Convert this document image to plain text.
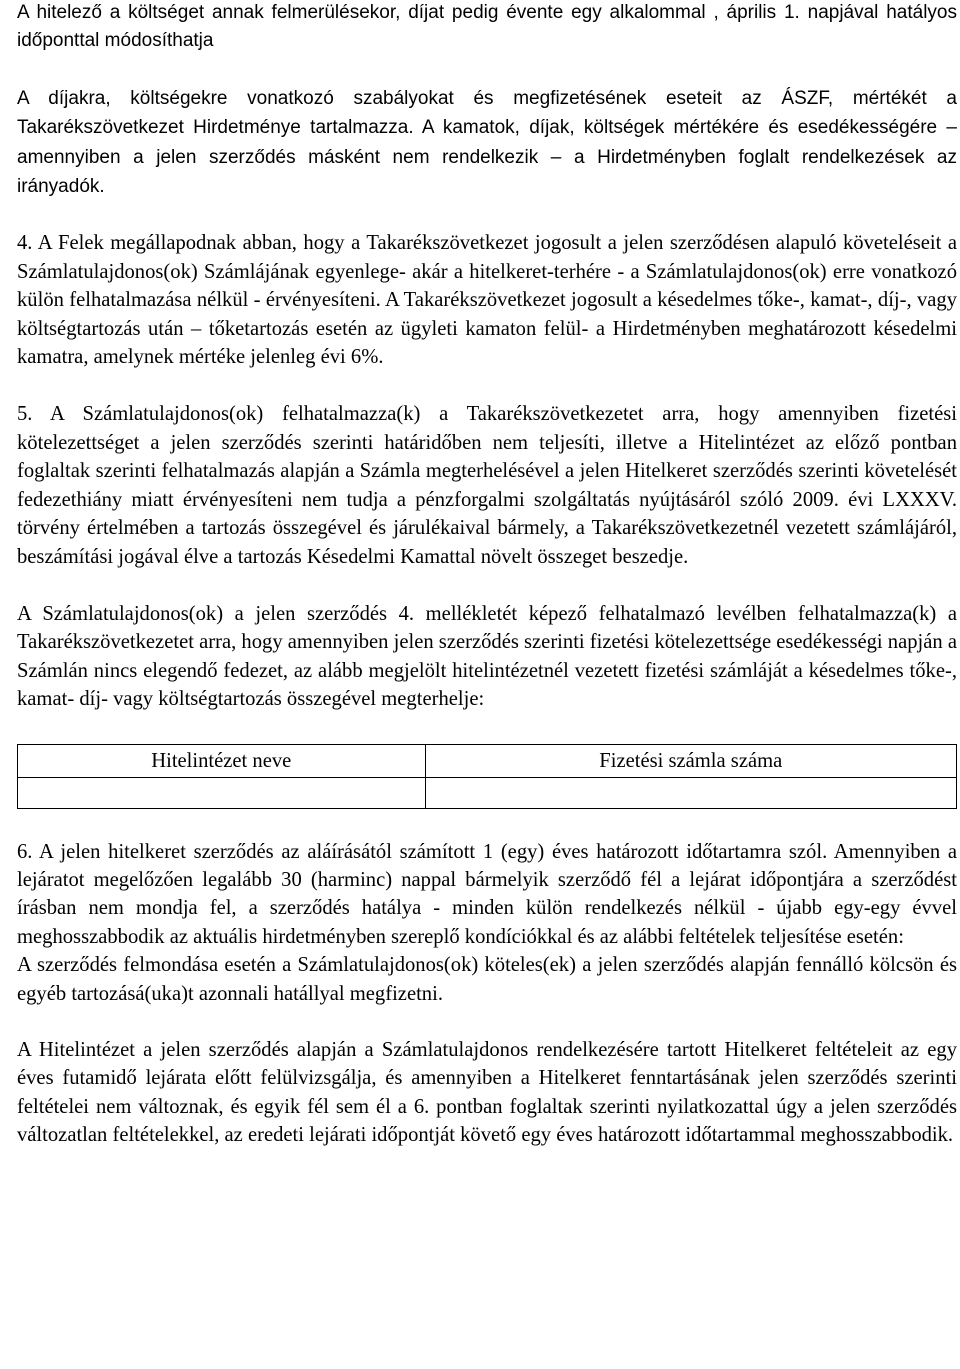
A hitelező a költséget annak felmerülésekor, díjat pedig évente egy alkalommal , április 1. napjával hatályos időponttal módosíthatja

A díjakra, költségekre vonatkozó szabályokat és megfizetésének eseteit az ÁSZF, mértékét a Takarékszövetkezet Hirdetménye tartalmazza. A kamatok, díjak, költségek mértékére és esedékességére – amennyiben a jelen szerződés másként nem rendelkezik – a Hirdetményben foglalt rendelkezések az irányadók.

4. A Felek megállapodnak abban, hogy a Takarékszövetkezet jogosult a jelen szerződésen alapuló követeléseit a Számlatulajdonos(ok) Számlájának egyenlege- akár a hitelkeret-terhére - a Számlatulajdonos(ok) erre vonatkozó külön felhatalmazása nélkül - érvényesíteni. A Takarékszövetkezet jogosult a késedelmes tőke-, kamat-, díj-, vagy költségtartozás után – tőketartozás esetén az ügyleti kamaton felül- a Hirdetményben meghatározott késedelmi kamatra, amelynek mértéke jelenleg évi 6%.

5. A Számlatulajdonos(ok) felhatalmazza(k) a Takarékszövetkezetet arra, hogy amennyiben fizetési kötelezettséget a jelen szerződés szerinti határidőben nem teljesíti, illetve a Hitelintézet az előző pontban foglaltak szerinti felhatalmazás alapján a Számla megterhelésével a jelen Hitelkeret szerződés szerinti követelését fedezethiány miatt érvényesíteni nem tudja a pénzforgalmi szolgáltatás nyújtásáról szóló 2009. évi LXXXV. törvény értelmében a tartozás összegével és járulékaival bármely, a Takarékszövetkezetnél vezetett számlájáról, beszámítási jogával élve a tartozás Késedelmi Kamattal növelt összeget beszedje.

A Számlatulajdonos(ok) a jelen szerződés 4. mellékletét képező felhatalmazó levélben felhatalmazza(k) a Takarékszövetkezetet arra, hogy amennyiben jelen szerződés szerinti fizetési kötelezettsége esedékességi napján a Számlán nincs elegendő fedezet, az alább megjelölt hitelintézetnél vezetett fizetési számláját a késedelmes tőke-, kamat- díj- vagy költségtartozás összegével megterhelje:

Hitelintézet neve	Fizetési számla száma

6. A jelen hitelkeret szerződés az aláírásától számított 1 (egy) éves határozott időtartamra szól. Amennyiben a lejáratot megelőzően legalább 30 (harminc) nappal bármelyik szerződő fél a lejárat időpontjára a szerződést írásban nem mondja fel, a szerződés hatálya - minden külön rendelkezés nélkül - újabb egy-egy évvel meghosszabbodik az aktuális hirdetményben szereplő kondíciókkal és az alábbi feltételek teljesítése esetén:

A szerződés felmondása esetén a Számlatulajdonos(ok) köteles(ek) a jelen szerződés alapján fennálló kölcsön és egyéb tartozásá(uka)t azonnali hatállyal megfizetni.

A Hitelintézet a jelen szerződés alapján a Számlatulajdonos rendelkezésére tartott Hitelkeret feltételeit az egy éves futamidő lejárata előtt felülvizsgálja, és amennyiben a Hitelkeret fenntartásának jelen szerződés szerinti feltételei nem változnak, és egyik fél sem él a 6. pontban foglaltak szerinti nyilatkozattal úgy a jelen szerződés változatlan feltételekkel, az eredeti lejárati időpontját követő egy éves határozott időtartammal meghosszabbodik.
